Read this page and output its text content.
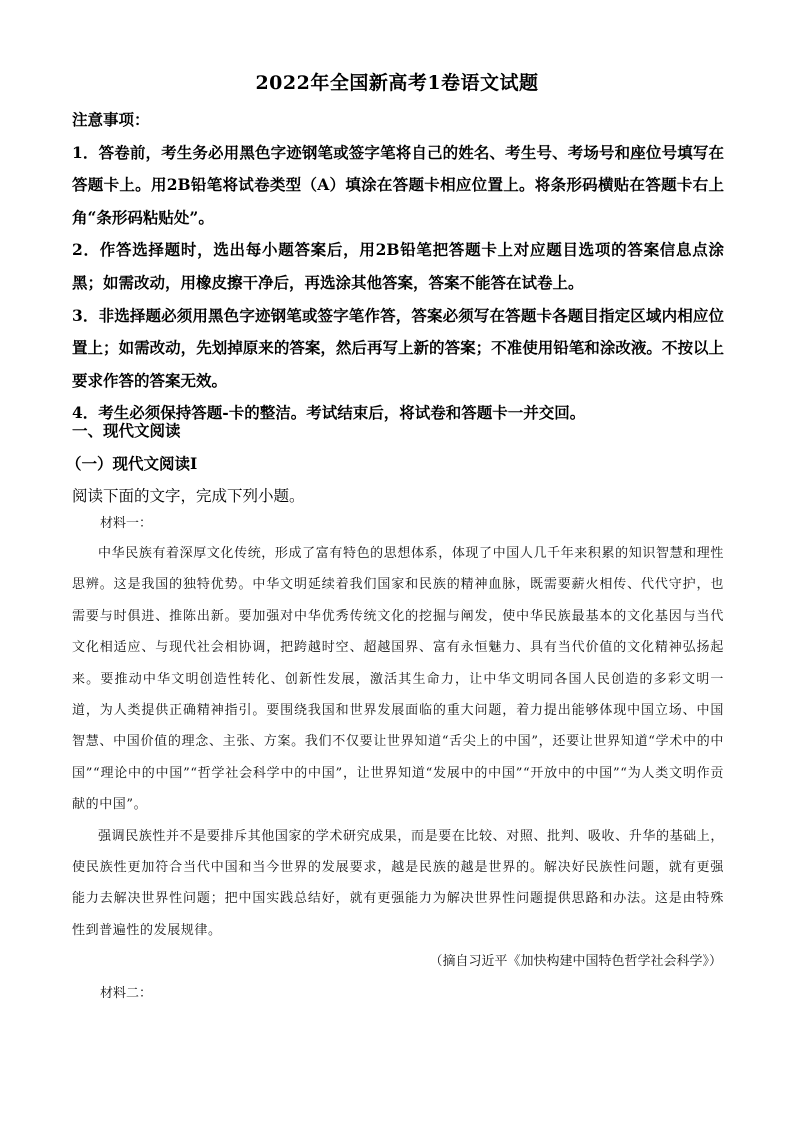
2022年全国新高考1卷语文试题

注意事项：

1．答卷前，考生务必用黑色字迹钢笔或签字笔将自己的姓名、考生号、考场号和座位号填写在答题卡上。用2B铅笔将试卷类型（A）填涂在答题卡相应位置上。将条形码横贴在答题卡右上角“条形码粘贴处”。

2．作答选择题时，选出每小题答案后，用2B铅笔把答题卡上对应题目选项的答案信息点涂黑；如需改动，用橡皮擦干净后，再选涂其他答案，答案不能答在试卷上。

3．非选择题必须用黑色字迹钢笔或签字笔作答，答案必须写在答题卡各题目指定区域内相应位置上；如需改动，先划掉原来的答案，然后再写上新的答案；不准使用铅笔和涂改液。不按以上要求作答的答案无效。

4．考生必须保持答题-卡的整洁。考试结束后，将试卷和答题卡一并交回。

一、现代文阅读

（一）现代文阅读Ⅰ

阅读下面的文字，完成下列小题。

材料一：

中华民族有着深厚文化传统，形成了富有特色的思想体系，体现了中国人几千年来积累的知识智慧和理性思辨。这是我国的独特优势。中华文明延续着我们国家和民族的精神血脉，既需要薪火相传、代代守护，也需要与时俱进、推陈出新。要加强对中华优秀传统文化的挖掘与阐发，使中华民族最基本的文化基因与当代文化相适应、与现代社会相协调，把跨越时空、超越国界、富有永恒魅力、具有当代价值的文化精神弘扬起来。要推动中华文明创造性转化、创新性发展，激活其生命力，让中华文明同各国人民创造的多彩文明一道，为人类提供正确精神指引。要围绕我国和世界发展面临的重大问题，着力提出能够体现中国立场、中国智慧、中国价值的理念、主张、方案。我们不仅要让世界知道“舌尖上的中国”，还要让世界知道“学术中的中国”“理论中的中国”“哲学社会科学中的中国”，让世界知道“发展中的中国”“开放中的中国”“为人类文明作贡献的中国”。

强调民族性并不是要排斥其他国家的学术研究成果，而是要在比较、对照、批判、吸收、升华的基础上，使民族性更加符合当代中国和当今世界的发展要求，越是民族的越是世界的。解决好民族性问题，就有更强能力去解决世界性问题；把中国实践总结好，就有更强能力为解决世界性问题提供思路和办法。这是由特殊性到普遍性的发展规律。

（摘自习近平《加快构建中国特色哲学社会科学》）

材料二：
